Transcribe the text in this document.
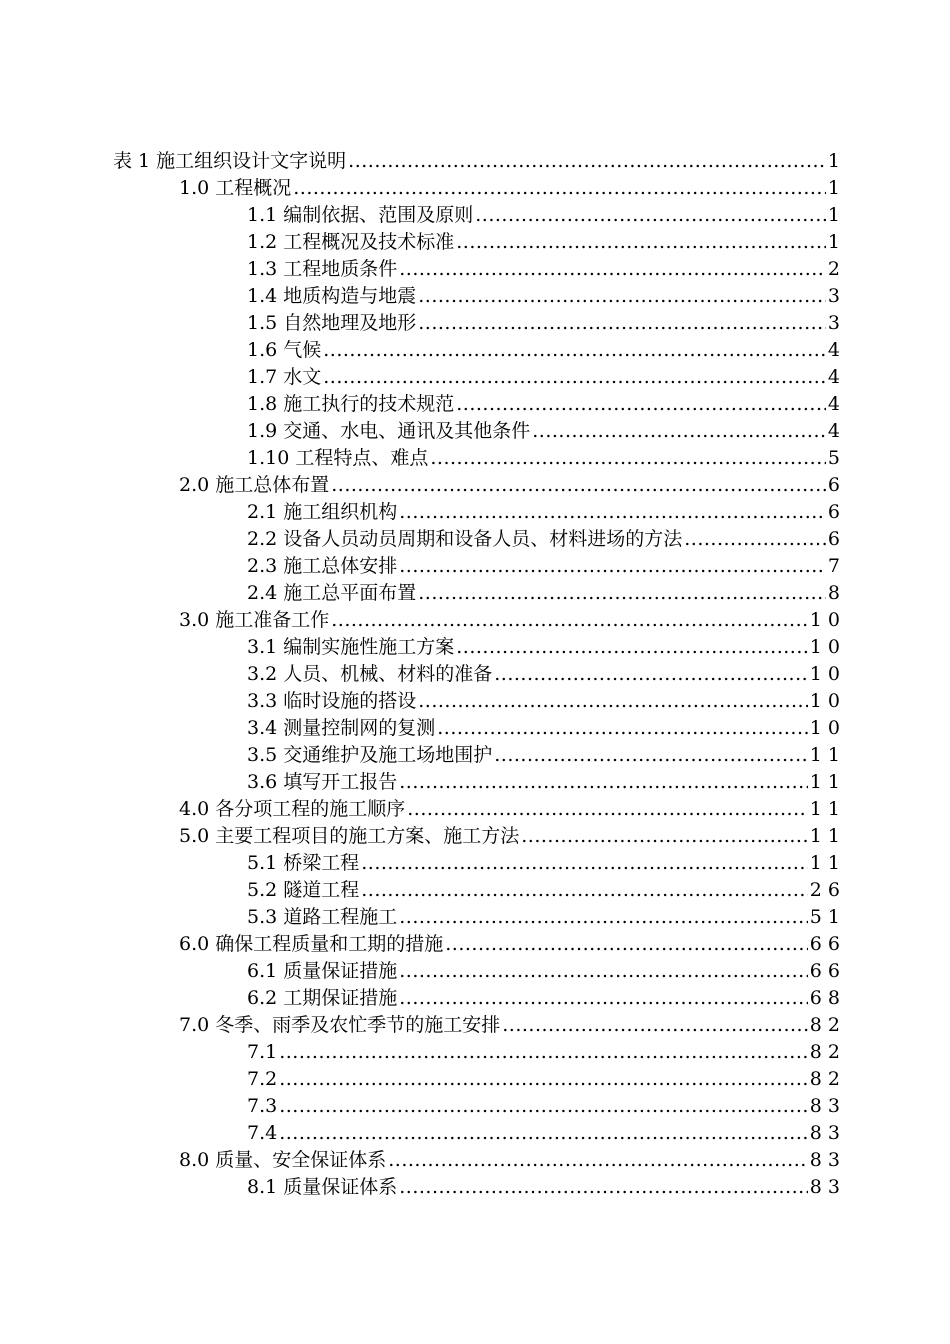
表 1 施工组织设计文字说明 .....	1
1.0 工程概况 .....	1
1.1 编制依据、范围及原则 .....	1
1.2 工程概况及技术标准 .....	1
1.3 工程地质条件 .....	2
1.4 地质构造与地震 .....	3
1.5 自然地理及地形 .....	3
1.6 气候 .....	4
1.7 水文 .....	4
1.8 施工执行的技术规范 .....	4
1.9 交通、水电、通讯及其他条件 .....	4
1.10 工程特点、难点 .....	5
2.0 施工总体布置 .....	6
2.1 施工组织机构 .....	6
2.2 设备人员动员周期和设备人员、材料进场的方法 .....	6
2.3 施工总体安排 .....	7
2.4 施工总平面布置 .....	8
3.0 施工准备工作 .....	1 0
3.1 编制实施性施工方案 .....	1 0
3.2 人员、机械、材料的准备 .....	1 0
3.3 临时设施的搭设 .....	1 0
3.4 测量控制网的复测 .....	1 0
3.5 交通维护及施工场地围护 .....	1 1
3.6 填写开工报告 .....	1 1
4.0 各分项工程的施工顺序 .....	1 1
5.0 主要工程项目的施工方案、施工方法 .....	1 1
5.1 桥梁工程 .....	1 1
5.2 隧道工程 .....	2 6
5.3 道路工程施工 .....	5 1
6.0 确保工程质量和工期的措施 .....	6 6
6.1 质量保证措施 .....	6 6
6.2 工期保证措施 .....	6 8
7.0 冬季、雨季及农忙季节的施工安排 .....	8 2
7.1 .....	8 2
7.2 .....	8 2
7.3 .....	8 3
7.4 .....	8 3
8.0 质量、安全保证体系 .....	8 3
8.1 质量保证体系 .....	8 3
